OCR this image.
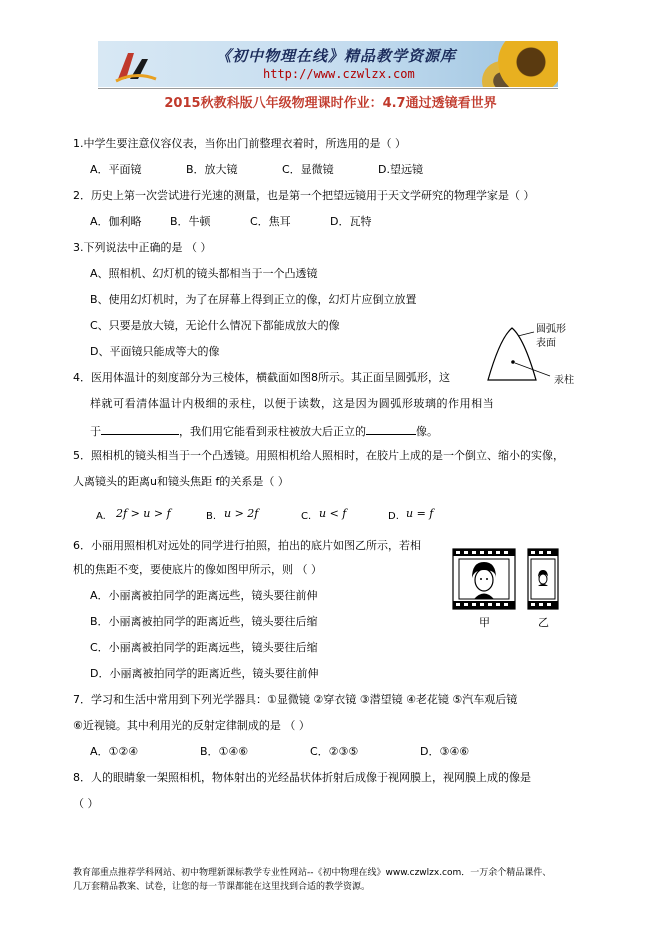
《初中物理在线》精品教学资源库
http://www.czwlzx.com
2015秋教科版八年级物理课时作业：4.7通过透镜看世界
1.中学生要注意仪容仪表，当你出门前整理衣着时，所选用的是（ ）
A．平面镜	B．放大镜	C．显微镜	D.望远镜
2．历史上第一次尝试进行光速的测量，也是第一个把望远镜用于天文学研究的物理学家是（ ）
A．伽利略	B．牛顿	C．焦耳	D．瓦特
3.下列说法中正确的是 （ ）
A、照相机、幻灯机的镜头都相当于一个凸透镜
B、使用幻灯机时，为了在屏幕上得到正立的像，幻灯片应倒立放置
C、只要是放大镜，无论什么情况下都能成放大的像
D、平面镜只能成等大的像
圆弧形
表面
汞柱
4．医用体温计的刻度部分为三棱体，横截面如图8所示。其正面呈圆弧形，这
样就可看清体温计内极细的汞柱，以便于读数，这是因为圆弧形玻璃的作用相当
于	，我们用它能看到汞柱被放大后正立的	像。
5．照相机的镜头相当于一个凸透镜。用照相机给人照相时，在胶片上成的是一个倒立、缩小的实像，
人离镜头的距离u和镜头焦距 f的关系是（ ）
A. 2f > u > f	B. u > 2f	C. u < f	D. u = f
6．小丽用照相机对远处的同学进行拍照，拍出的底片如图乙所示，若相
机的焦距不变，要使底片的像如图甲所示，则 （ ）
A．小丽离被拍同学的距离远些，镜头要往前伸
B．小丽离被拍同学的距离近些，镜头要往后缩
C．小丽离被拍同学的距离远些，镜头要往后缩
D．小丽离被拍同学的距离近些，镜头要往前伸
甲	乙
7．学习和生活中常用到下列光学器具：①显微镜 ②穿衣镜 ③潜望镜 ④老花镜 ⑤汽车观后镜
⑥近视镜。其中利用光的反射定律制成的是 （ ）
A．①②④	B．①④⑥	C．②③⑤	D．③④⑥
8．人的眼睛象一架照相机，物体射出的光经晶状体折射后成像于视网膜上，视网膜上成的像是
（ ）
教育部重点推荐学科网站、初中物理新课标教学专业性网站--《初中物理在线》www.czwlzx.com．一万余个精品课件、
几万套精品教案、试卷，让您的每一节课都能在这里找到合适的教学资源。
